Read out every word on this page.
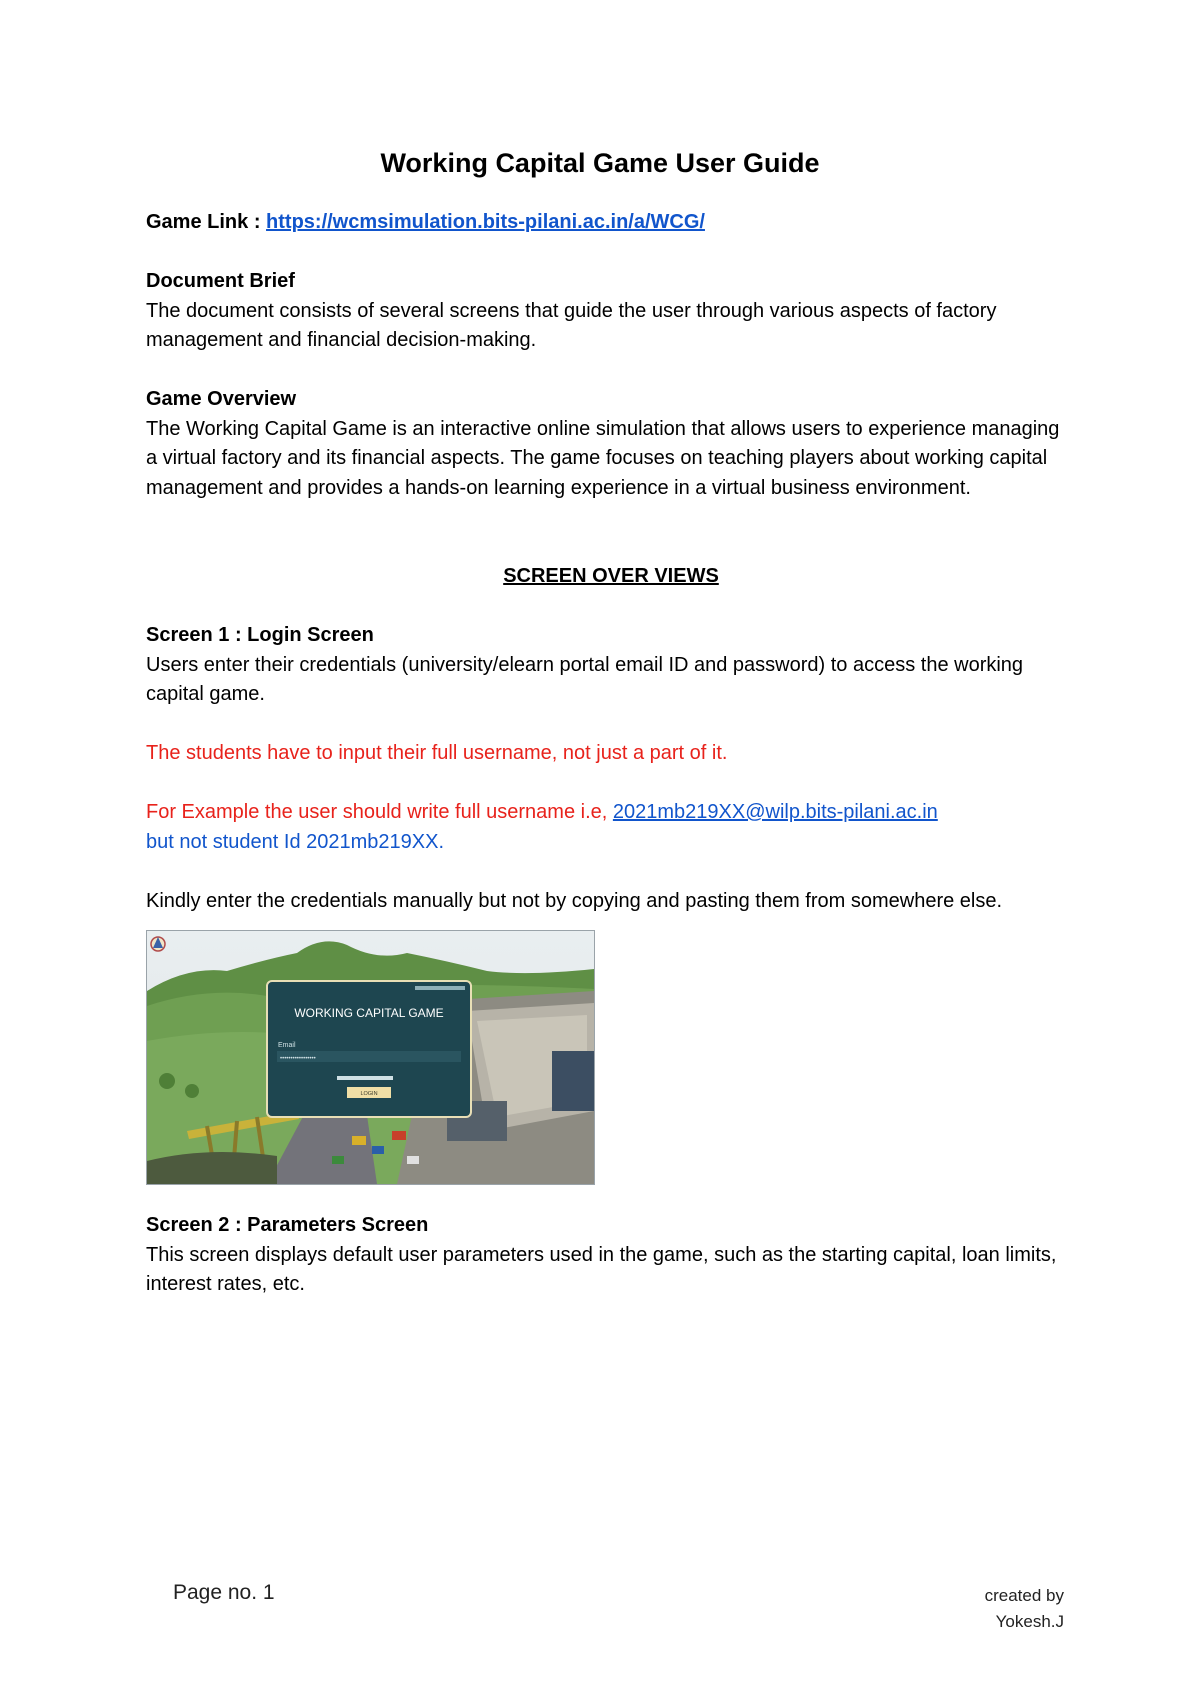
Working Capital Game User Guide

Game Link : https://wcmsimulation.bits-pilani.ac.in/a/WCG/

Document Brief

The document consists of several screens that guide the user through various aspects of factory management and financial decision-making.

Game Overview

The Working Capital Game is an interactive online simulation that allows users to experience managing a virtual factory and its financial aspects. The game focuses on teaching players about working capital management and provides a hands-on learning experience in a virtual business environment.

SCREEN OVER VIEWS

Screen 1 : Login Screen

Users enter their credentials (university/elearn portal email ID and password) to access the working capital game.

The students have to input their full username, not just a part of it.

For Example the user should write full username i.e, 2021mb219XX@wilp.bits-pilani.ac.in
but not student Id 2021mb219XX.

Kindly enter the credentials manually but not by copying and pasting them from somewhere else.

WORKING CAPITAL GAME
Email
•••••••••••••••••
LOGIN

Screen 2 : Parameters Screen

This screen displays default user parameters used in the game, such as the starting capital, loan limits, interest rates, etc.

Page no. 1	created by
Yokesh.J
